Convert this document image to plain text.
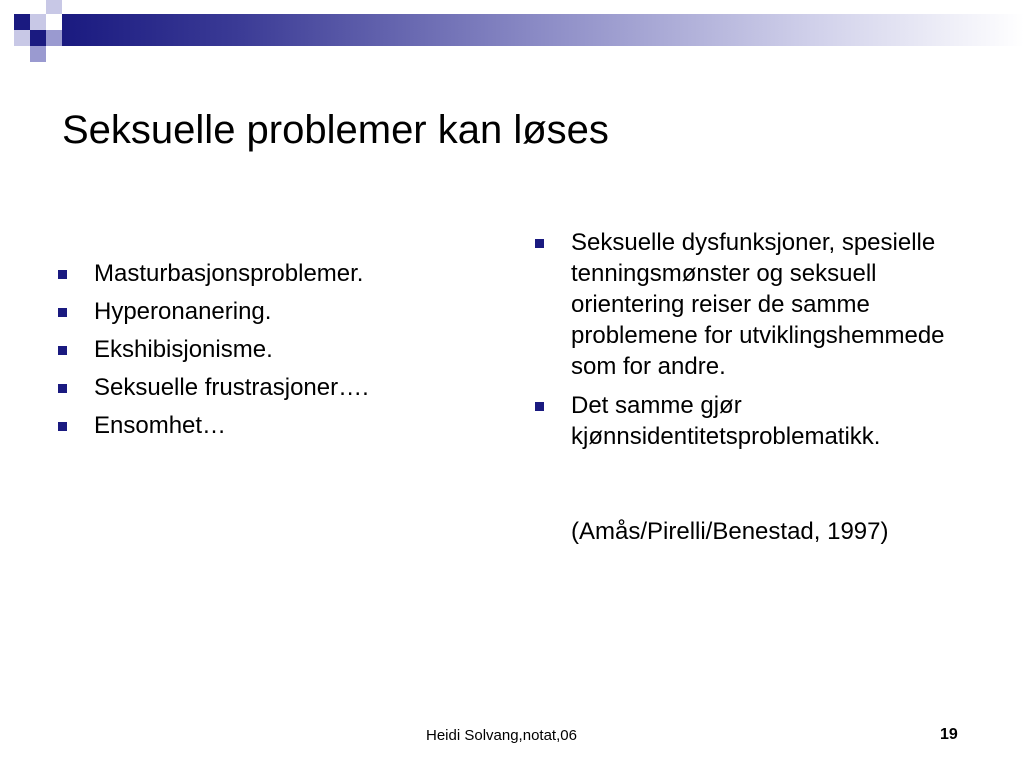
Seksuelle problemer kan løses
Masturbasjonsproblemer.
Hyperonanering.
Ekshibisjonisme.
Seksuelle frustrasjoner….
Ensomhet…
Seksuelle dysfunksjoner, spesielle tenningsmønster og seksuell orientering reiser de samme problemene for utviklingshemmede som for andre.
Det samme gjør kjønnsidentitetsproblematikk.
(Amås/Pirelli/Benestad, 1997)
Heidi Solvang,notat,06	19
